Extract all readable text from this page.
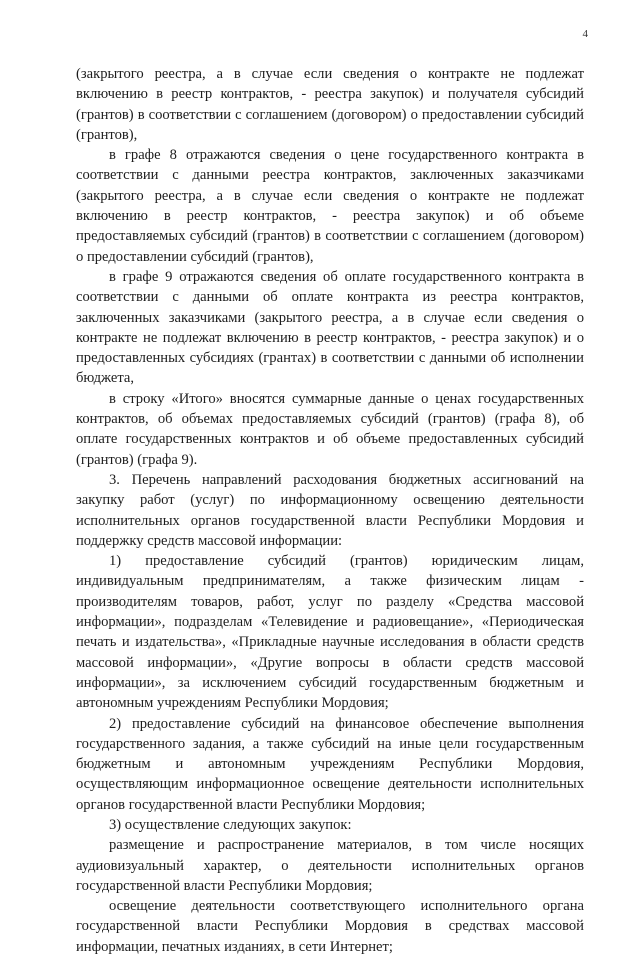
4

(закрытого реестра, а в случае если сведения о контракте не подлежат включению в реестр контрактов, - реестра закупок) и получателя субсидий (грантов) в соответствии с соглашением (договором) о предоставлении субсидий (грантов),

в графе 8 отражаются сведения о цене государственного контракта в соответствии с данными реестра контрактов, заключенных заказчиками (закрытого реестра, а в случае если сведения о контракте не подлежат включению в реестр контрактов, - реестра закупок) и об объеме предоставляемых субсидий (грантов) в соответствии с соглашением (договором) о предоставлении субсидий (грантов),

в графе 9 отражаются сведения об оплате государственного контракта в соответствии с данными об оплате контракта из реестра контрактов, заключенных заказчиками (закрытого реестра, а в случае если сведения о контракте не подлежат включению в реестр контрактов, - реестра закупок) и о предоставленных субсидиях (грантах) в соответствии с данными об исполнении бюджета,

в строку «Итого» вносятся суммарные данные о ценах государственных контрактов, об объемах предоставляемых субсидий (грантов) (графа 8), об оплате государственных контрактов и об объеме предоставленных субсидий (грантов) (графа 9).

3. Перечень направлений расходования бюджетных ассигнований на закупку работ (услуг) по информационному освещению деятельности исполнительных органов государственной власти Республики Мордовия и поддержку средств массовой информации:

1) предоставление субсидий (грантов) юридическим лицам, индивидуальным предпринимателям, а также физическим лицам - производителям товаров, работ, услуг по разделу «Средства массовой информации», подразделам «Телевидение и радиовещание», «Периодическая печать и издательства», «Прикладные научные исследования в области средств массовой информации», «Другие вопросы в области средств массовой информации», за исключением субсидий государственным бюджетным и автономным учреждениям Республики Мордовия;

2) предоставление субсидий на финансовое обеспечение выполнения государственного задания, а также субсидий на иные цели государственным бюджетным и автономным учреждениям Республики Мордовия, осуществляющим информационное освещение деятельности исполнительных органов государственной власти Республики Мордовия;

3) осуществление следующих закупок:

размещение и распространение материалов, в том числе носящих аудиовизуальный характер, о деятельности исполнительных органов государственной власти Республики Мордовия;

освещение деятельности соответствующего исполнительного органа государственной власти Республики Мордовия в средствах массовой информации, печатных изданиях, в сети Интернет;
